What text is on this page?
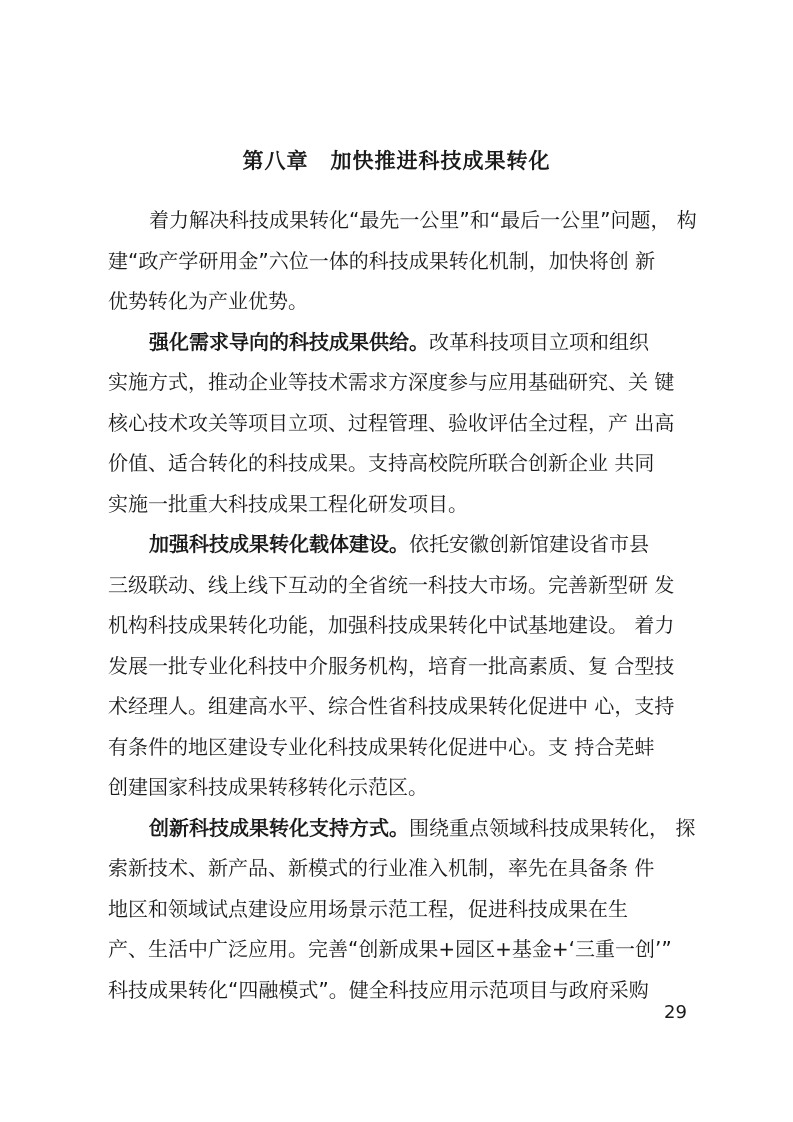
第八章　加快推进科技成果转化
着力解决科技成果转化“最先一公里”和“最后一公里”问题， 构
建“政产学研用金”六位一体的科技成果转化机制，加快将创 新
优势转化为产业优势。
强化需求导向的科技成果供给。改革科技项目立项和组织
实施方式，推动企业等技术需求方深度参与应用基础研究、关 键
核心技术攻关等项目立项、过程管理、验收评估全过程，产 出高
价值、适合转化的科技成果。支持高校院所联合创新企业 共同
实施一批重大科技成果工程化研发项目。
加强科技成果转化载体建设。依托安徽创新馆建设省市县
三级联动、线上线下互动的全省统一科技大市场。完善新型研 发
机构科技成果转化功能，加强科技成果转化中试基地建设。 着力
发展一批专业化科技中介服务机构，培育一批高素质、复 合型技
术经理人。组建高水平、综合性省科技成果转化促进中 心，支持
有条件的地区建设专业化科技成果转化促进中心。支 持合芜蚌
创建国家科技成果转移转化示范区。
创新科技成果转化支持方式。围绕重点领域科技成果转化， 探
索新技术、新产品、新模式的行业准入机制，率先在具备条 件
地区和领域试点建设应用场景示范工程，促进科技成果在生
产、生活中广泛应用。完善“创新成果+园区+基金+‘三重一创’”
科技成果转化“四融模式”。健全科技应用示范项目与政府采购
29
